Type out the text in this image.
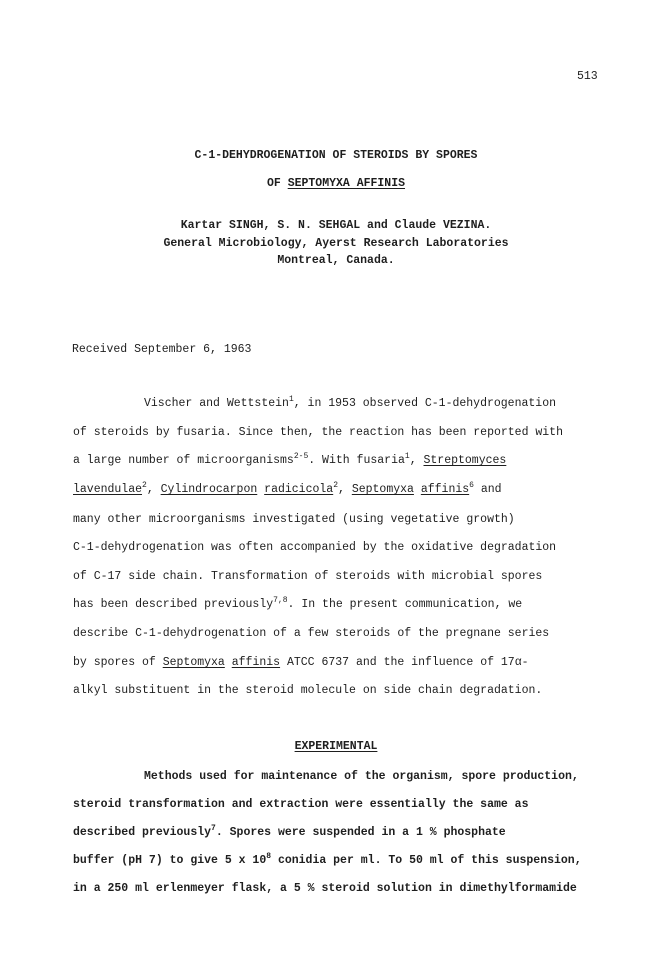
513
C-1-DEHYDROGENATION OF STEROIDS BY SPORES
OF SEPTOMYXA AFFINIS
Kartar SINGH, S. N. SEHGAL and Claude VEZINA.
General Microbiology, Ayerst Research Laboratories
Montreal, Canada.
Received September 6, 1963
Vischer and Wettstein$^1$, in 1953 observed C-1-dehydrogenation
of steroids by fusaria. Since then, the reaction has been reported with
a large number of microorganisms$^{2-5}$. With fusaria$^1$, Streptomyces
lavendulae$^2$, Cylindrocarpon radicicola$^2$, Septomyxa affinis$^6$ and
many other microorganisms investigated (using vegetative growth)
C-1-dehydrogenation was often accompanied by the oxidative degradation
of C-17 side chain. Transformation of steroids with microbial spores
has been described previously$^{7,8}$. In the present communication, we
describe C-1-dehydrogenation of a few steroids of the pregnane series
by spores of Septomyxa affinis ATCC 6737 and the influence of 17α-
alkyl substituent in the steroid molecule on side chain degradation.
EXPERIMENTAL
Methods used for maintenance of the organism, spore production,
steroid transformation and extraction were essentially the same as
described previously$^7$. Spores were suspended in a 1 % phosphate
buffer (pH 7) to give 5 x $10^8$ conidia per ml. To 50 ml of this suspension,
in a 250 ml erlenmeyer flask, a 5 % steroid solution in dimethylformamide
